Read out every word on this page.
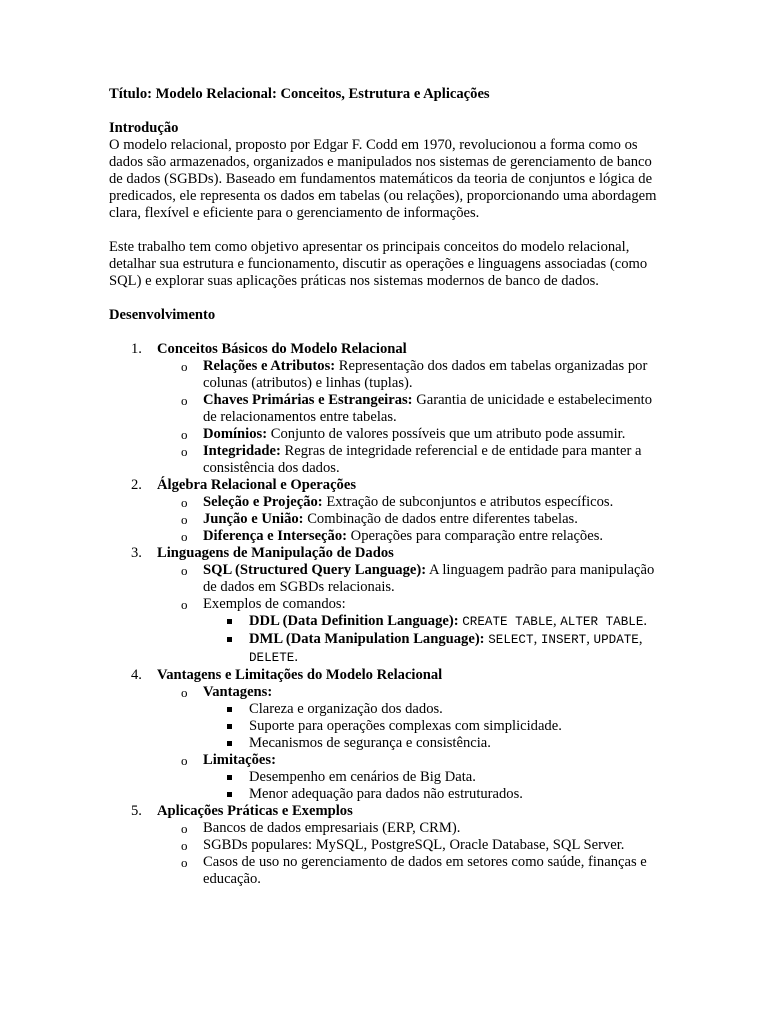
Título: Modelo Relacional: Conceitos, Estrutura e Aplicações

Introdução

O modelo relacional, proposto por Edgar F. Codd em 1970, revolucionou a forma como os dados são armazenados, organizados e manipulados nos sistemas de gerenciamento de banco de dados (SGBDs). Baseado em fundamentos matemáticos da teoria de conjuntos e lógica de predicados, ele representa os dados em tabelas (ou relações), proporcionando uma abordagem clara, flexível e eficiente para o gerenciamento de informações.

Este trabalho tem como objetivo apresentar os principais conceitos do modelo relacional, detalhar sua estrutura e funcionamento, discutir as operações e linguagens associadas (como SQL) e explorar suas aplicações práticas nos sistemas modernos de banco de dados.

Desenvolvimento

1. Conceitos Básicos do Modelo Relacional
o Relações e Atributos: Representação dos dados em tabelas organizadas por colunas (atributos) e linhas (tuplas).
o Chaves Primárias e Estrangeiras: Garantia de unicidade e estabelecimento de relacionamentos entre tabelas.
o Domínios: Conjunto de valores possíveis que um atributo pode assumir.
o Integridade: Regras de integridade referencial e de entidade para manter a consistência dos dados.
2. Álgebra Relacional e Operações
o Seleção e Projeção: Extração de subconjuntos e atributos específicos.
o Junção e União: Combinação de dados entre diferentes tabelas.
o Diferença e Interseção: Operações para comparação entre relações.
3. Linguagens de Manipulação de Dados
o SQL (Structured Query Language): A linguagem padrão para manipulação de dados em SGBDs relacionais.
o Exemplos de comandos:
DDL (Data Definition Language): CREATE TABLE, ALTER TABLE.
DML (Data Manipulation Language): SELECT, INSERT, UPDATE, DELETE.
4. Vantagens e Limitações do Modelo Relacional
o Vantagens:
Clareza e organização dos dados.
Suporte para operações complexas com simplicidade.
Mecanismos de segurança e consistência.
o Limitações:
Desempenho em cenários de Big Data.
Menor adequação para dados não estruturados.
5. Aplicações Práticas e Exemplos
o Bancos de dados empresariais (ERP, CRM).
o SGBDs populares: MySQL, PostgreSQL, Oracle Database, SQL Server.
o Casos de uso no gerenciamento de dados em setores como saúde, finanças e educação.
